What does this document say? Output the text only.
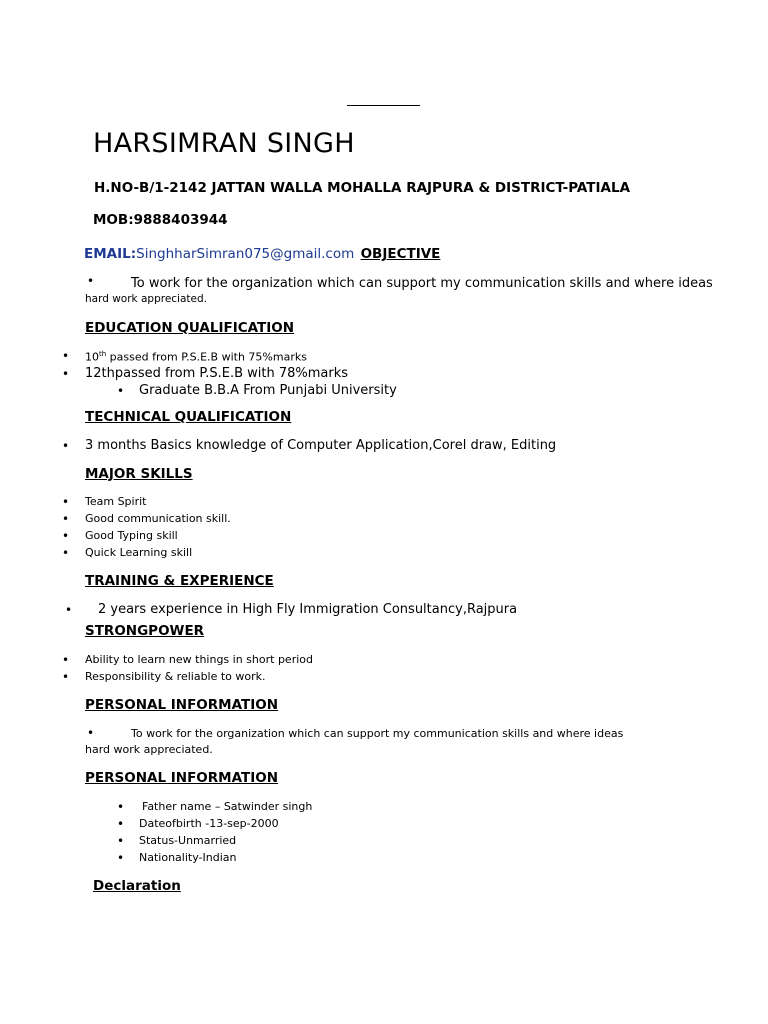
HARSIMRAN SINGH
H.NO-B/1-2142 JATTAN WALLA MOHALLA RAJPURA & DISTRICT-PATIALA
MOB:9888403944
EMAIL:SinghharSimran075@gmail.com OBJECTIVE
•	To work for the organization which can support my communication skills and where ideas
hard work appreciated.
EDUCATION QUALIFICATION
• 10th passed from P.S.E.B with 75%marks
• 12thpassed from P.S.E.B with 78%marks
• Graduate B.B.A From Punjabi University
TECHNICAL QUALIFICATION
• 3 months Basics knowledge of Computer Application,Corel draw, Editing
MAJOR SKILLS
• Team Spirit
• Good communication skill.
• Good Typing skill
• Quick Learning skill
TRAINING & EXPERIENCE
• 2 years experience in High Fly Immigration Consultancy,Rajpura
STRONGPOWER
• Ability to learn new things in short period
• Responsibility & reliable to work.
PERSONAL INFORMATION
•	To work for the organization which can support my communication skills and where ideas
hard work appreciated.
PERSONAL INFORMATION
• Father name – Satwinder singh
• Dateofbirth -13-sep-2000
• Status-Unmarried
• Nationality-Indian
Declaration
